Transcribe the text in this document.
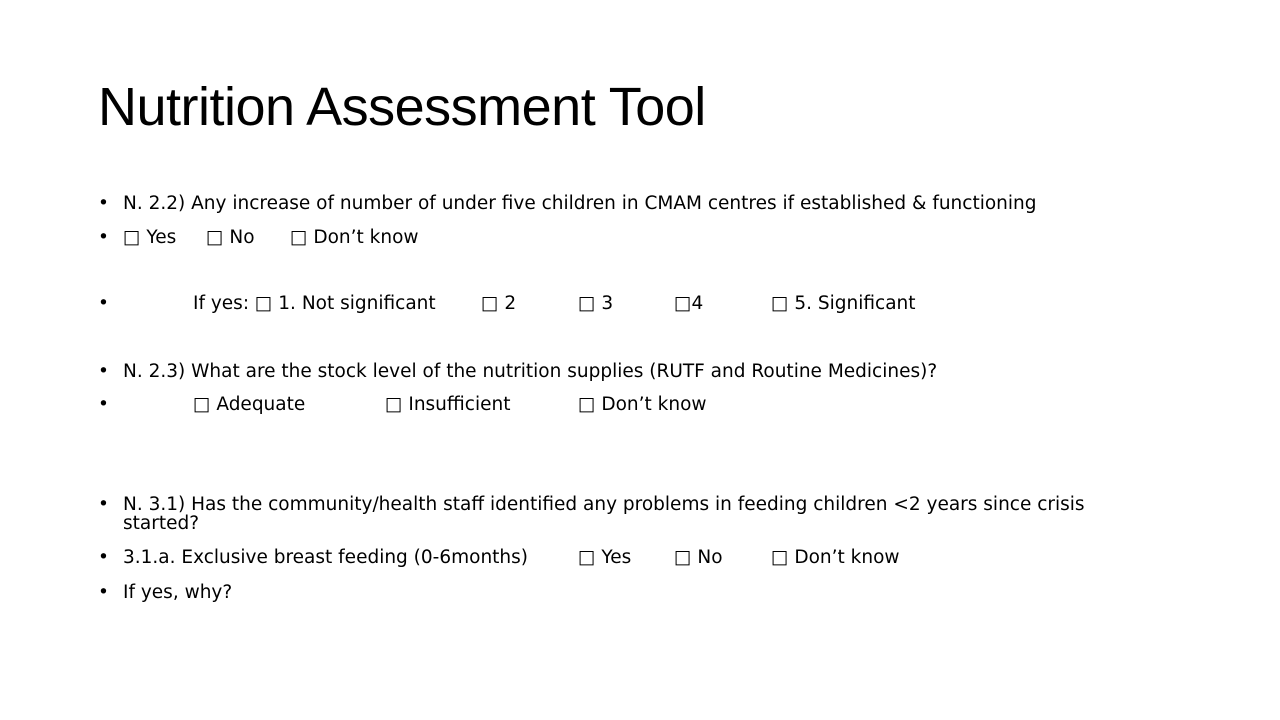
Nutrition Assessment Tool
• N. 2.2) Any increase of number of under five children in CMAM centres if established & functioning
• □ Yes □ No □ Don’t know
•	If yes: □ 1. Not significant □ 2	□ 3	□4	□ 5. Significant
• N. 2.3) What are the stock level of the nutrition supplies (RUTF and Routine Medicines)?
•	□ Adequate	□ Insufficient	□ Don’t know
• N. 3.1) Has the community/health staff identified any problems in feeding children <2 years since crisis started?
• 3.1.a. Exclusive breast feeding (0-6months)	□ Yes □ No	□ Don’t know
• If yes, why?
